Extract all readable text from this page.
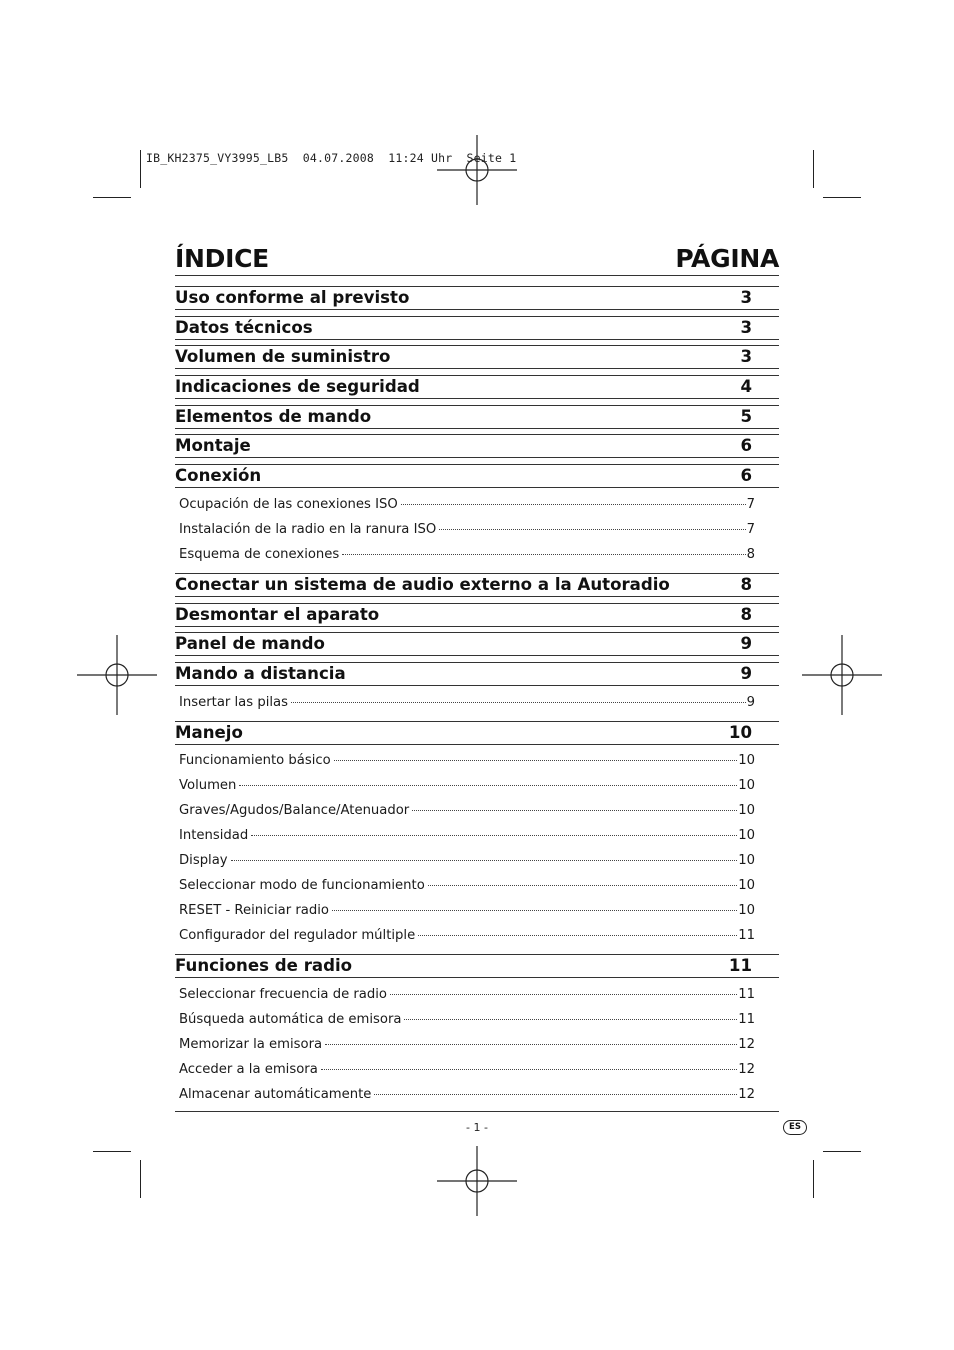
IB_KH2375_VY3995_LB5  04.07.2008  11:24 Uhr  Seite 1
ÍNDICE	PÁGINA
Uso conforme al previsto	3
Datos técnicos	3
Volumen de suministro	3
Indicaciones de seguridad	4
Elementos de mando	5
Montaje	6
Conexión	6
Ocupación de las conexiones ISO	7
Instalación de la radio en la ranura ISO	7
Esquema de conexiones	8
Conectar un sistema de audio externo a la Autoradio	8
Desmontar el aparato	8
Panel de mando	9
Mando a distancia	9
Insertar las pilas	9
Manejo	10
Funcionamiento básico	10
Volumen	10
Graves/Agudos/Balance/Atenuador	10
Intensidad	10
Display	10
Seleccionar modo de funcionamiento	10
RESET - Reiniciar radio	10
Configurador del regulador múltiple	11
Funciones de radio	11
Seleccionar frecuencia de radio	11
Búsqueda automática de emisora	11
Memorizar la emisora	12
Acceder a la emisora	12
Almacenar automáticamente	12
- 1 -	ES
